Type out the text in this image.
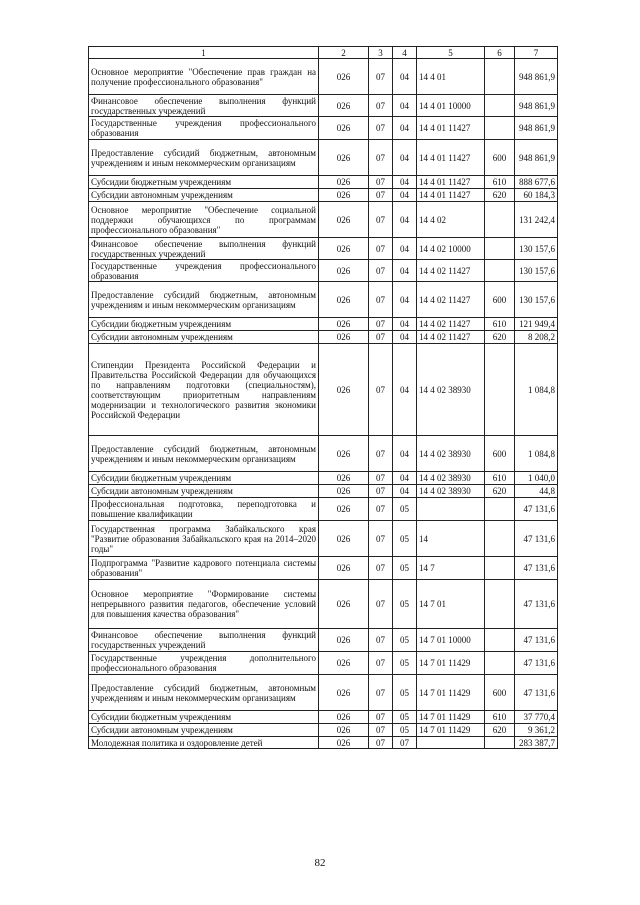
1	2	3	4	5	6	7
Основное мероприятие "Обеспечение прав граждан на получение профессионального образования"	026	07	04	14 4 01		948 861,9
Финансовое обеспечение выполнения функций государственных учреждений	026	07	04	14 4 01 10000		948 861,9
Государственные учреждения профессионального образования	026	07	04	14 4 01 11427		948 861,9
Предоставление субсидий бюджетным, автономным учреждениям и иным некоммерческим организациям	026	07	04	14 4 01 11427	600	948 861,9
Субсидии бюджетным учреждениям	026	07	04	14 4 01 11427	610	888 677,6
Субсидии автономным учреждениям	026	07	04	14 4 01 11427	620	60 184,3
Основное мероприятие "Обеспечение социальной поддержки обучающихся по программам профессионального образования"	026	07	04	14 4 02		131 242,4
Финансовое обеспечение выполнения функций государственных учреждений	026	07	04	14 4 02 10000		130 157,6
Государственные учреждения профессионального образования	026	07	04	14 4 02 11427		130 157,6
Предоставление субсидий бюджетным, автономным учреждениям и иным некоммерческим организациям	026	07	04	14 4 02 11427	600	130 157,6
Субсидии бюджетным учреждениям	026	07	04	14 4 02 11427	610	121 949,4
Субсидии автономным учреждениям	026	07	04	14 4 02 11427	620	8 208,2
Стипендии Президента Российской Федерации и Правительства Российской Федерации для обучающихся по направлениям подготовки (специальностям), соответствующим приоритетным направлениям модернизации и технологического развития экономики Российской Федерации	026	07	04	14 4 02 38930		1 084,8
Предоставление субсидий бюджетным, автономным учреждениям и иным некоммерческим организациям	026	07	04	14 4 02 38930	600	1 084,8
Субсидии бюджетным учреждениям	026	07	04	14 4 02 38930	610	1 040,0
Субсидии автономным учреждениям	026	07	04	14 4 02 38930	620	44,8
Профессиональная подготовка, переподготовка и повышение квалификации	026	07	05			47 131,6
Государственная программа Забайкальского края "Развитие образования Забайкальского края на 2014–2020 годы"	026	07	05	14		47 131,6
Подпрограмма "Развитие кадрового потенциала системы образования"	026	07	05	14 7		47 131,6
Основное мероприятие "Формирование системы непрерывного развития педагогов, обеспечение условий для повышения качества образования"	026	07	05	14 7 01		47 131,6
Финансовое обеспечение выполнения функций государственных учреждений	026	07	05	14 7 01 10000		47 131,6
Государственные учреждения дополнительного профессионального образования	026	07	05	14 7 01 11429		47 131,6
Предоставление субсидий бюджетным, автономным учреждениям и иным некоммерческим организациям	026	07	05	14 7 01 11429	600	47 131,6
Субсидии бюджетным учреждениям	026	07	05	14 7 01 11429	610	37 770,4
Субсидии автономным учреждениям	026	07	05	14 7 01 11429	620	9 361,2
Молодежная политика и оздоровление детей	026	07	07			283 387,7
82
